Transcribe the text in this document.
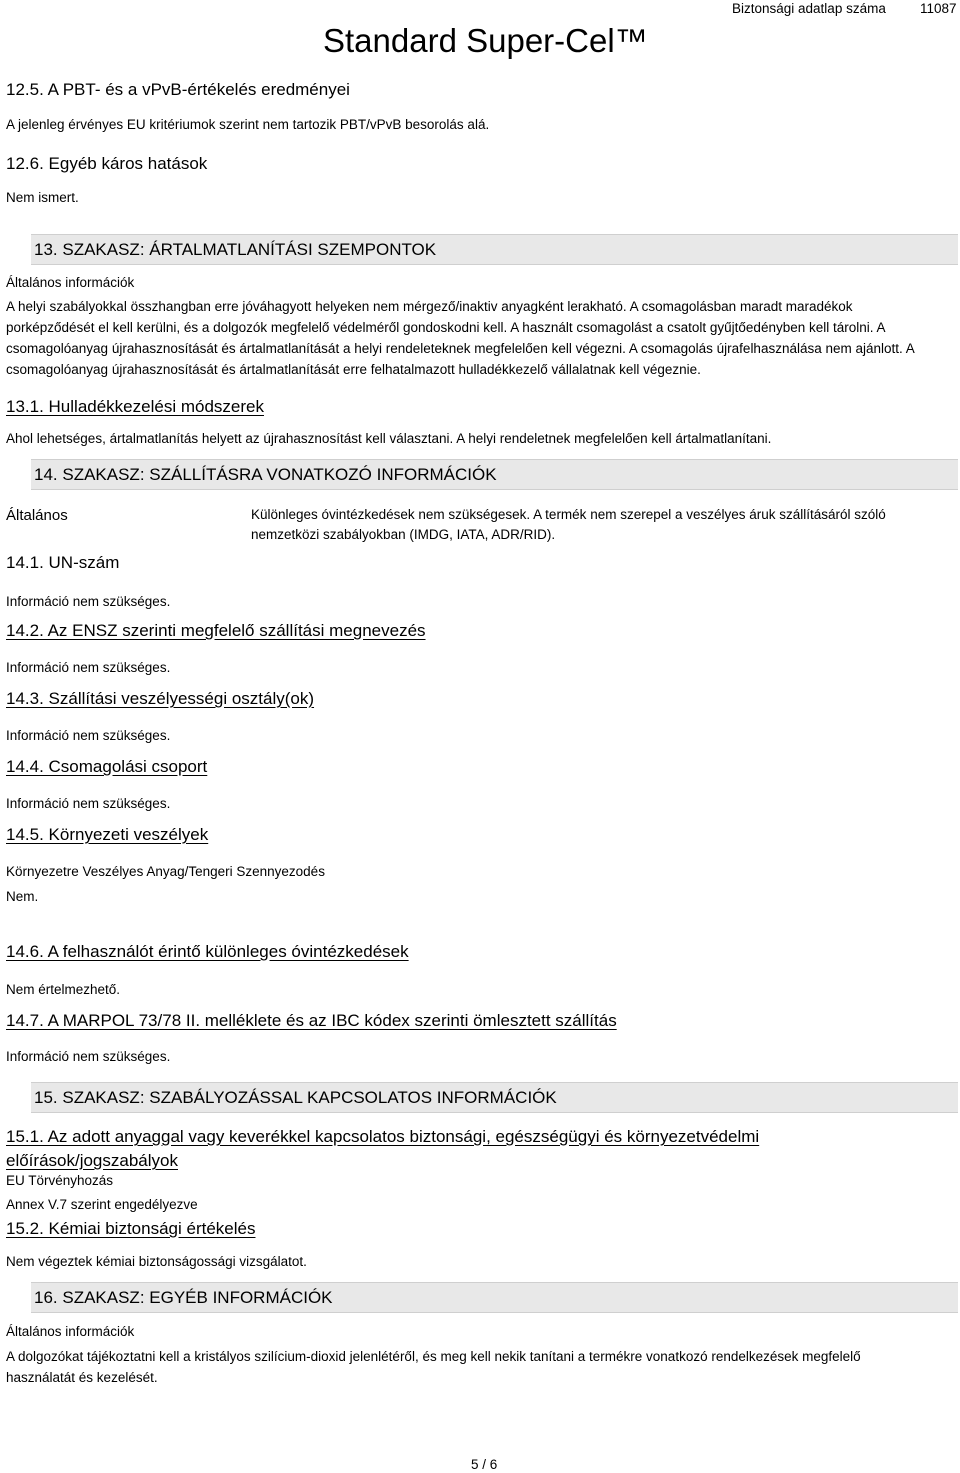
Standard Super-Cel™
Biztonsági adatlap száma	11087
12.5. A PBT- és a vPvB-értékelés eredményei
A jelenleg érvényes EU kritériumok szerint nem tartozik PBT/vPvB besorolás alá.
12.6. Egyéb káros hatások
Nem ismert.
13. SZAKASZ: ÁRTALMATLANÍTÁSI SZEMPONTOK
Általános információk
A helyi szabályokkal összhangban erre jóváhagyott helyeken nem mérgező/inaktiv anyagként lerakható. A csomagolásban maradt maradékok porképződését el kell kerülni, és a dolgozók megfelelő védelméről gondoskodni kell. A használt csomagolást a csatolt gyűjtőedényben kell tárolni. A csomagolóanyag újrahasznosítását és ártalmatlanítását a helyi rendeleteknek megfelelően kell végezni. A csomagolás újrafelhasználása nem ajánlott. A csomagolóanyag újrahasznosítását és ártalmatlanítását erre felhatalmazott hulladékkezelő vállalatnak kell végeznie.
13.1. Hulladékkezelési módszerek
Ahol lehetséges, ártalmatlanítás helyett az újrahasznosítást kell választani. A helyi rendeletnek megfelelően kell ártalmatlanítani.
14. SZAKASZ: SZÁLLÍTÁSRA VONATKOZÓ INFORMÁCIÓK
Általános	Különleges óvintézkedések nem szükségesek. A termék nem szerepel a veszélyes áruk szállításáról szóló nemzetközi szabályokban (IMDG, IATA, ADR/RID).
14.1. UN-szám
Információ nem szükséges.
14.2. Az ENSZ szerinti megfelelő szállítási megnevezés
Információ nem szükséges.
14.3. Szállítási veszélyességi osztály(ok)
Információ nem szükséges.
14.4. Csomagolási csoport
Információ nem szükséges.
14.5. Környezeti veszélyek
Környezetre Veszélyes Anyag/Tengeri Szennyezodés
Nem.
14.6. A felhasználót érintő különleges óvintézkedések
Nem értelmezhető.
14.7. A MARPOL 73/78 II. melléklete és az IBC kódex szerinti ömlesztett szállítás
Információ nem szükséges.
15. SZAKASZ: SZABÁLYOZÁSSAL KAPCSOLATOS INFORMÁCIÓK
15.1. Az adott anyaggal vagy keverékkel kapcsolatos biztonsági, egészségügyi és környezetvédelmi
előírások/jogszabályok
EU Törvényhozás
Annex V.7 szerint engedélyezve
15.2. Kémiai biztonsági értékelés
Nem végeztek kémiai biztonságossági vizsgálatot.
16. SZAKASZ: EGYÉB INFORMÁCIÓK
Általános információk
A dolgozókat tájékoztatni kell a kristályos szilícium-dioxid jelenlétéről, és meg kell nekik tanítani a termékre vonatkozó rendelkezések megfelelő használatát és kezelését.
5 / 6
